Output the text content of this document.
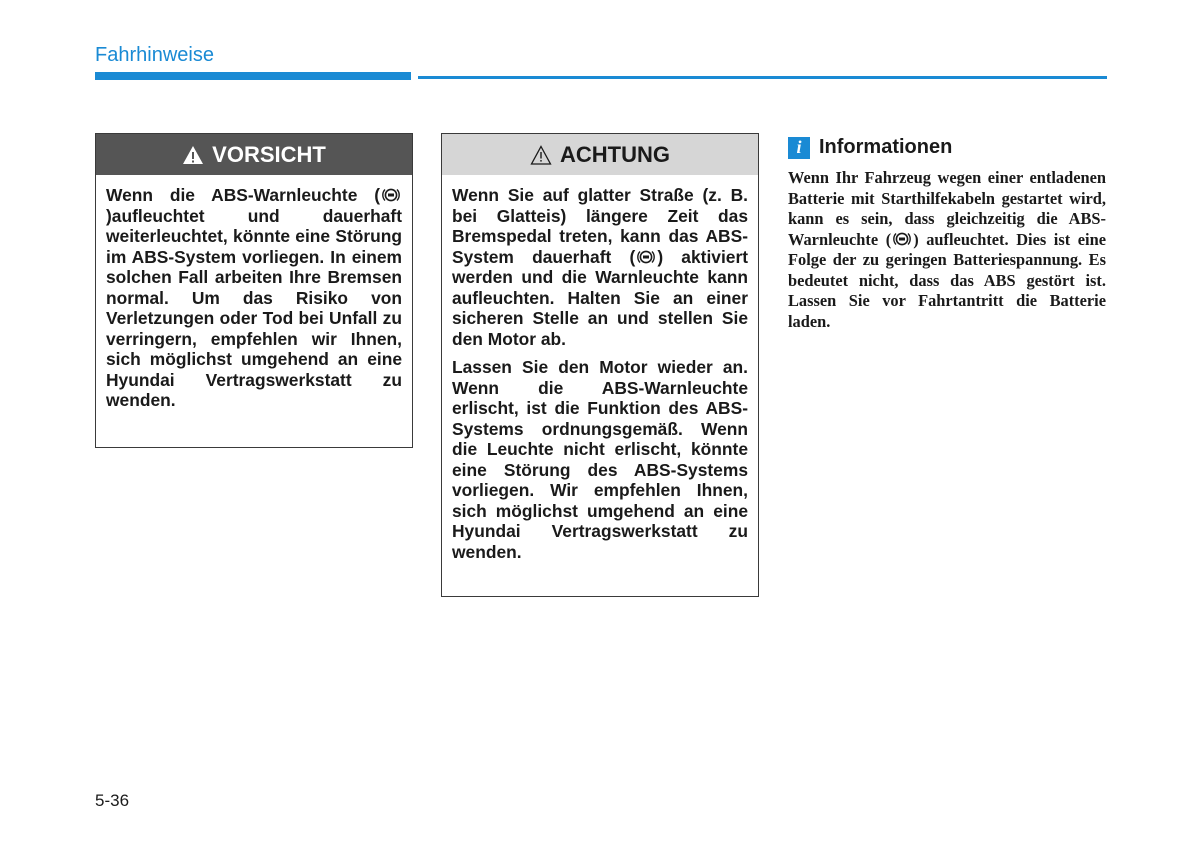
Fahrhinweise
VORSICHT

Wenn die ABS-Warnleuchte ()aufleuchtet und dauerhaft weiterleuchtet, könnte eine Störung im ABS-System vorliegen. In einem solchen Fall arbeiten Ihre Bremsen normal. Um das Risiko von Verletzungen oder Tod bei Unfall zu verringern, empfehlen wir Ihnen, sich möglichst umgehend an eine Hyundai Vertragswerkstatt zu wenden.

ACHTUNG

Wenn Sie auf glatter Straße (z. B. bei Glatteis) längere Zeit das Bremspedal treten, kann das ABS-System dauerhaft ( ) aktiviert werden und die Warnleuchte kann aufleuchten. Halten Sie an einer sicheren Stelle an und stellen Sie den Motor ab.

Lassen Sie den Motor wieder an. Wenn die ABS-Warnleuchte erlischt, ist die Funktion des ABS-Systems ordnungsgemäß. Wenn die Leuchte nicht erlischt, könnte eine Störung des ABS-Systems vorliegen. Wir empfehlen Ihnen, sich möglichst umgehend an eine Hyundai Vertragswerkstatt zu wenden.

i Informationen

Wenn Ihr Fahrzeug wegen einer entladenen Batterie mit Starthilfekabeln gestartet wird, kann es sein, dass gleichzeitig die ABS-Warnleuchte ( ) aufleuchtet. Dies ist eine Folge der zu geringen Batteriespannung. Es bedeutet nicht, dass das ABS gestört ist. Lassen Sie vor Fahrtantritt die Batterie laden.

5-36
